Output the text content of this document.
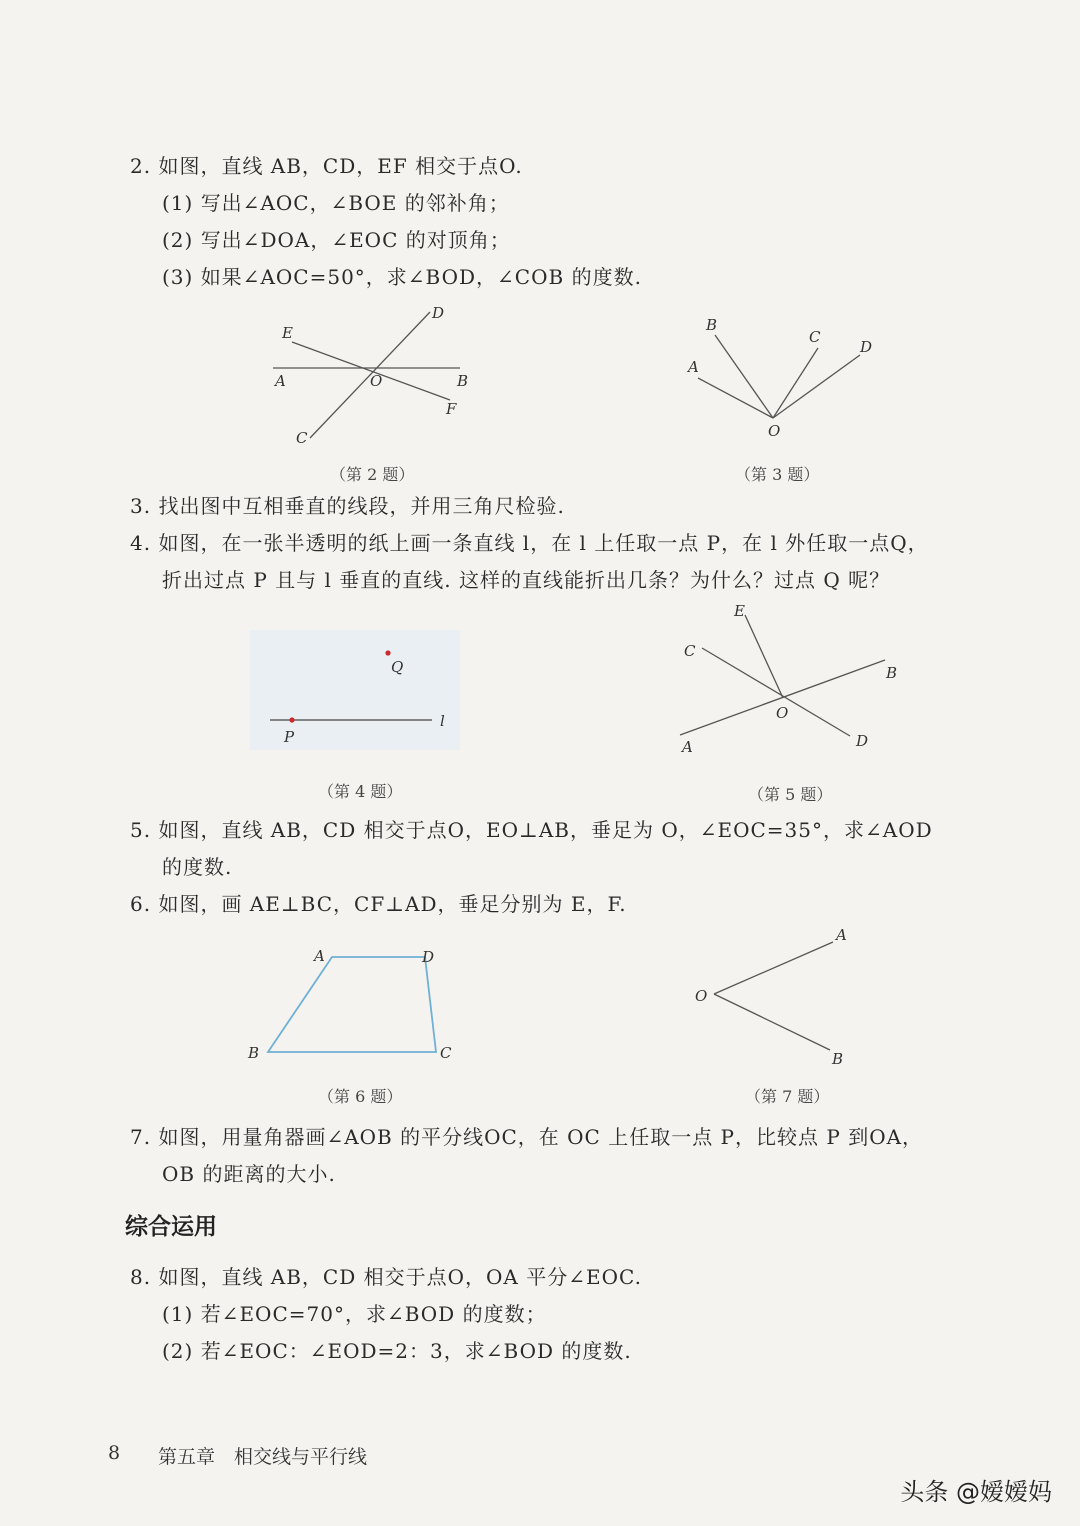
2. 如图，直线 AB，CD，EF 相交于点O.
(1) 写出∠AOC，∠BOE 的邻补角；
(2) 写出∠DOA，∠EOC 的对顶角；
(3) 如果∠AOC=50°，求∠BOD，∠COB 的度数.
A	B
C
D
E
F
O
（第 2 题）
A
B
C
D
O
（第 3 题）
3. 找出图中互相垂直的线段，并用三角尺检验.
4. 如图，在一张半透明的纸上画一条直线 l，在 l 上任取一点 P，在 l 外任取一点Q，
折出过点 P 且与 l 垂直的直线. 这样的直线能折出几条？为什么？过点 Q 呢？
Q
P
l
（第 4 题）
A
B
C
D
E
O
（第 5 题）
5. 如图，直线 AB，CD 相交于点O，EO⊥AB，垂足为 O，∠EOC=35°，求∠AOD
的度数.
6. 如图，画 AE⊥BC，CF⊥AD，垂足分别为 E，F.
A	D
B	C
（第 6 题）
A
B
O
（第 7 题）
7. 如图，用量角器画∠AOB 的平分线OC，在 OC 上任取一点 P，比较点 P 到OA，
OB 的距离的大小.
综合运用
8. 如图，直线 AB，CD 相交于点O，OA 平分∠EOC.
(1) 若∠EOC=70°，求∠BOD 的度数；
(2) 若∠EOC：∠EOD=2：3，求∠BOD 的度数.
8 第五章　相交线与平行线
头条 @嫒嫒妈
